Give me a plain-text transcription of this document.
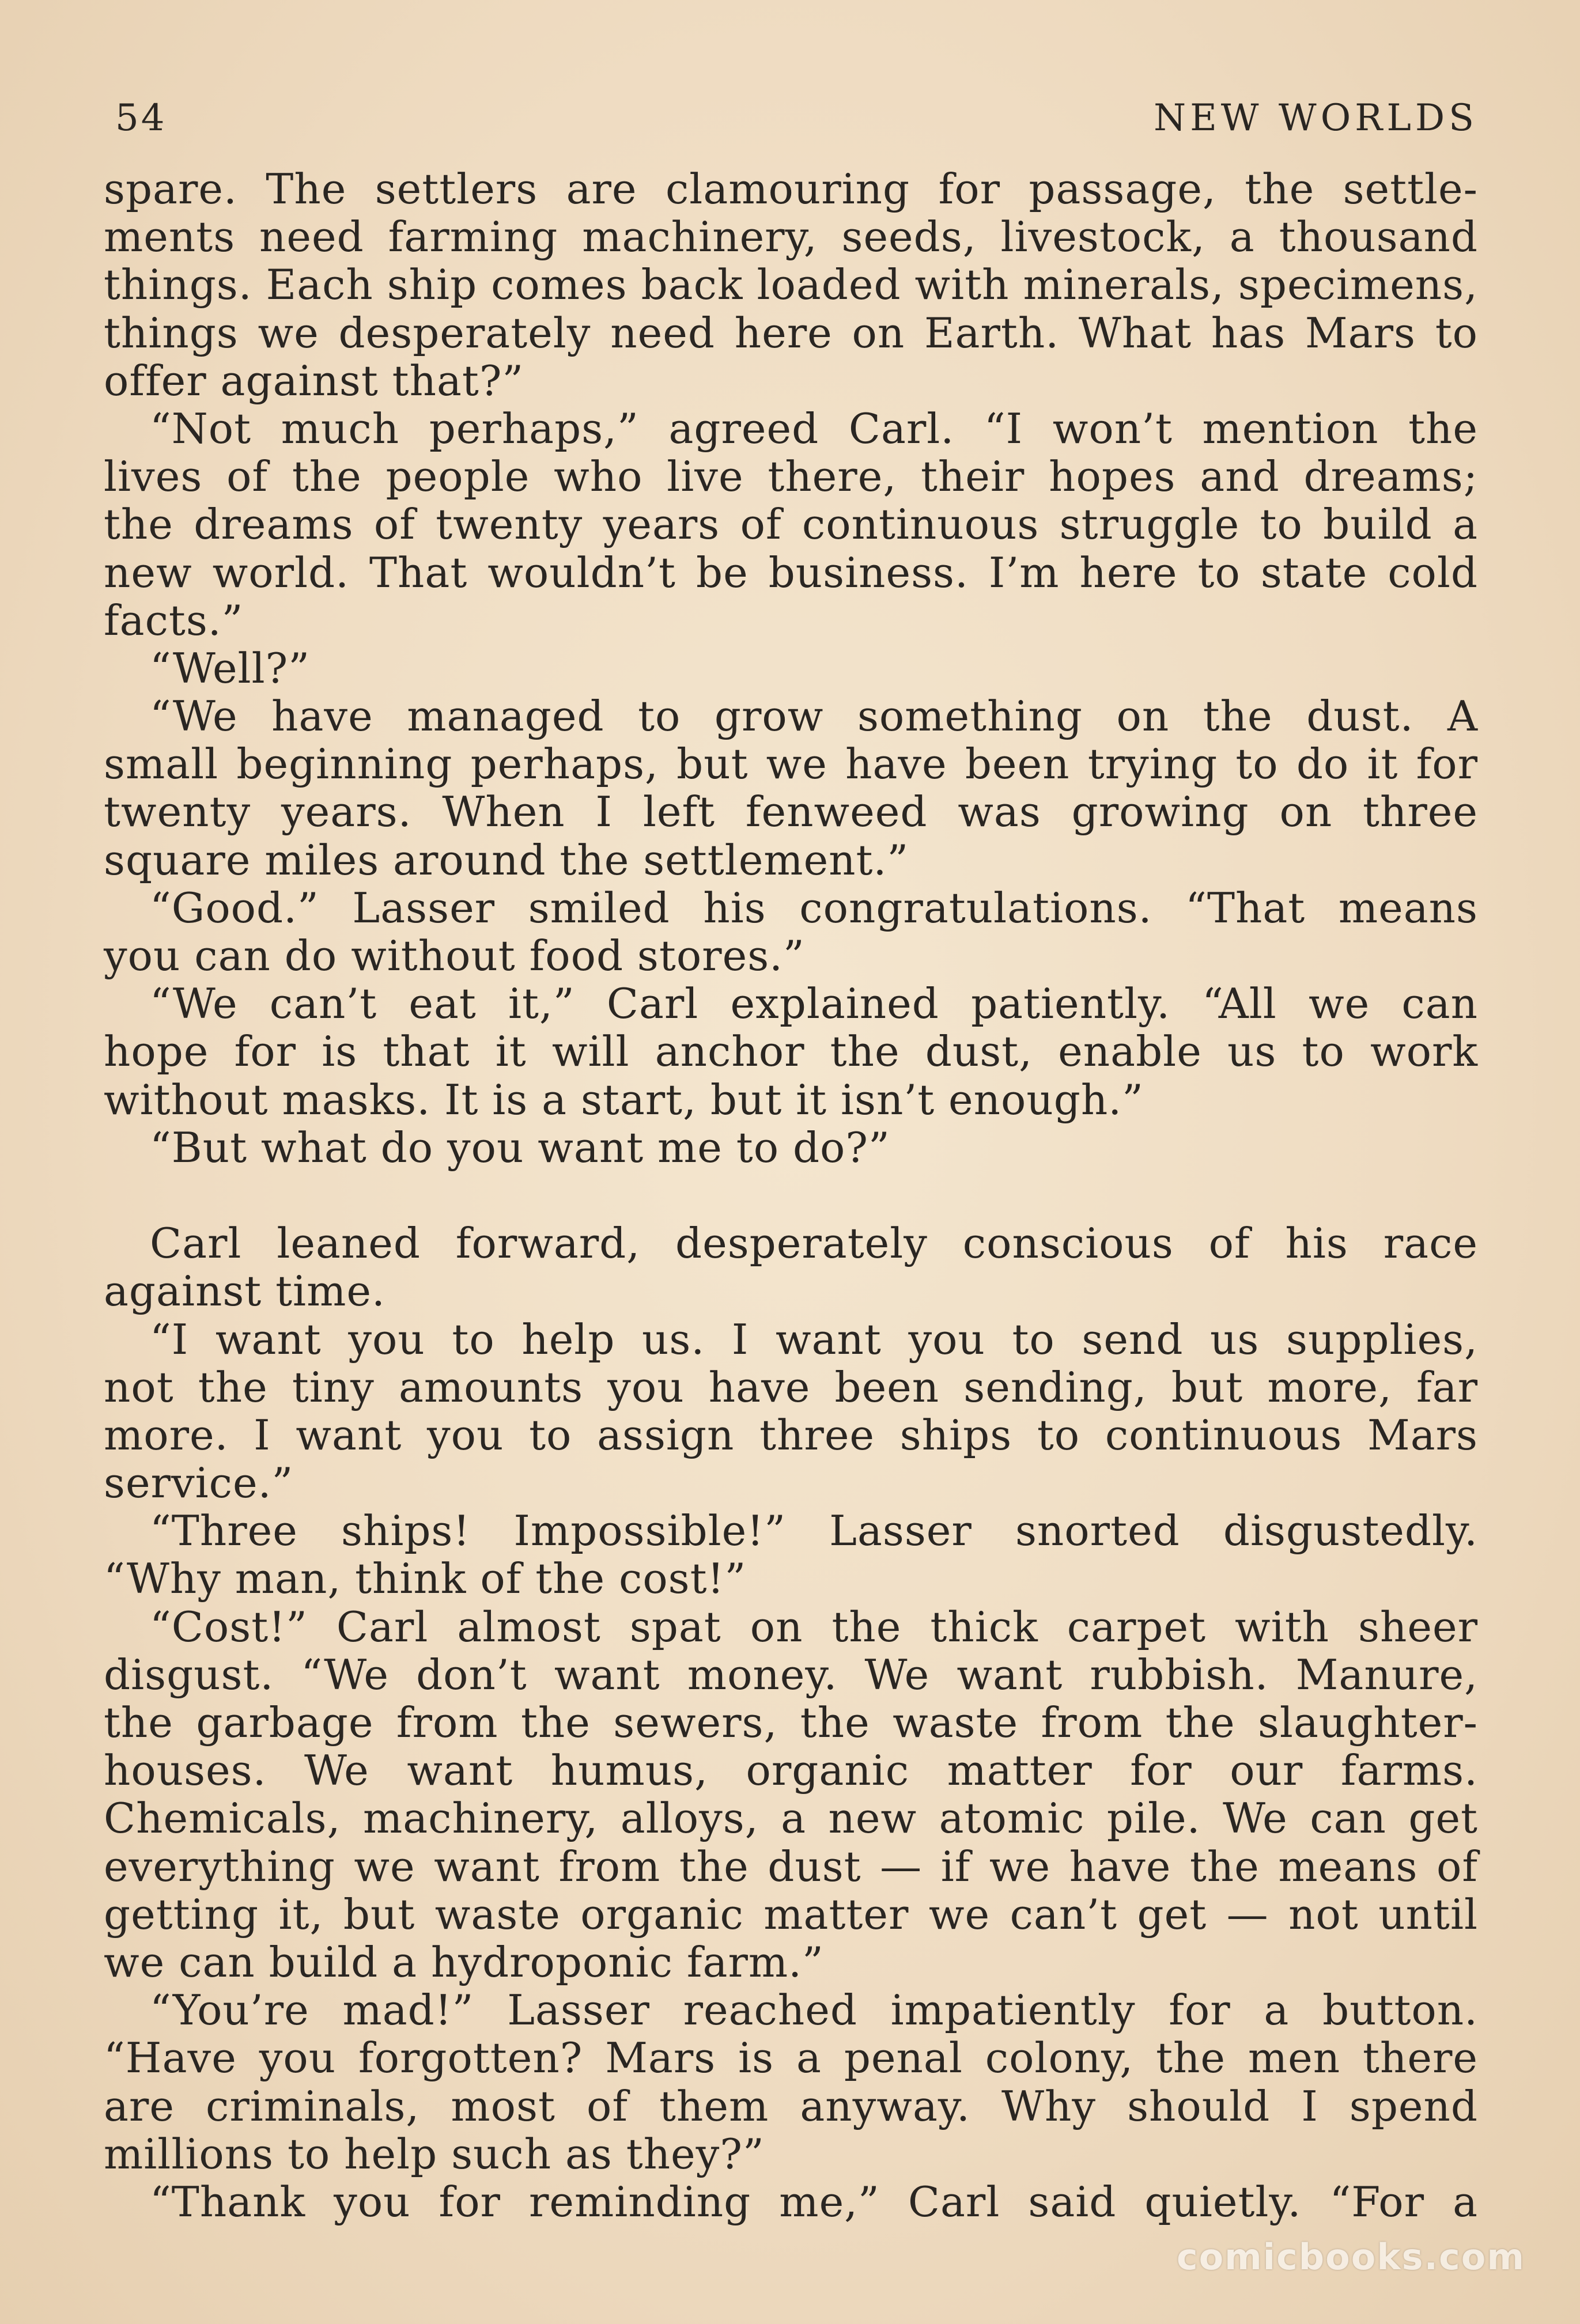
54	NEW WORLDS
spare. The settlers are clamouring for passage, the settle-
ments need farming machinery, seeds, livestock, a thousand
things. Each ship comes back loaded with minerals, specimens,
things we desperately need here on Earth. What has Mars to
offer against that?”
“Not much perhaps,” agreed Carl. “I won’t mention the
lives of the people who live there, their hopes and dreams;
the dreams of twenty years of continuous struggle to build a
new world. That wouldn’t be business. I’m here to state cold
facts.”
“Well?”
“We have managed to grow something on the dust. A
small beginning perhaps, but we have been trying to do it for
twenty years. When I left fenweed was growing on three
square miles around the settlement.”
“Good.” Lasser smiled his congratulations. “That means
you can do without food stores.”
“We can’t eat it,” Carl explained patiently. “All we can
hope for is that it will anchor the dust, enable us to work
without masks. It is a start, but it isn’t enough.”
“But what do you want me to do?”
Carl leaned forward, desperately conscious of his race
against time.
“I want you to help us. I want you to send us supplies,
not the tiny amounts you have been sending, but more, far
more. I want you to assign three ships to continuous Mars
service.”
“Three ships! Impossible!” Lasser snorted disgustedly.
“Why man, think of the cost!”
“Cost!” Carl almost spat on the thick carpet with sheer
disgust. “We don’t want money. We want rubbish. Manure,
the garbage from the sewers, the waste from the slaughter-
houses. We want humus, organic matter for our farms.
Chemicals, machinery, alloys, a new atomic pile. We can get
everything we want from the dust — if we have the means of
getting it, but waste organic matter we can’t get — not until
we can build a hydroponic farm.”
“You’re mad!” Lasser reached impatiently for a button.
“Have you forgotten? Mars is a penal colony, the men there
are criminals, most of them anyway. Why should I spend
millions to help such as they?”
“Thank you for reminding me,” Carl said quietly. “For a
comicbooks.com
